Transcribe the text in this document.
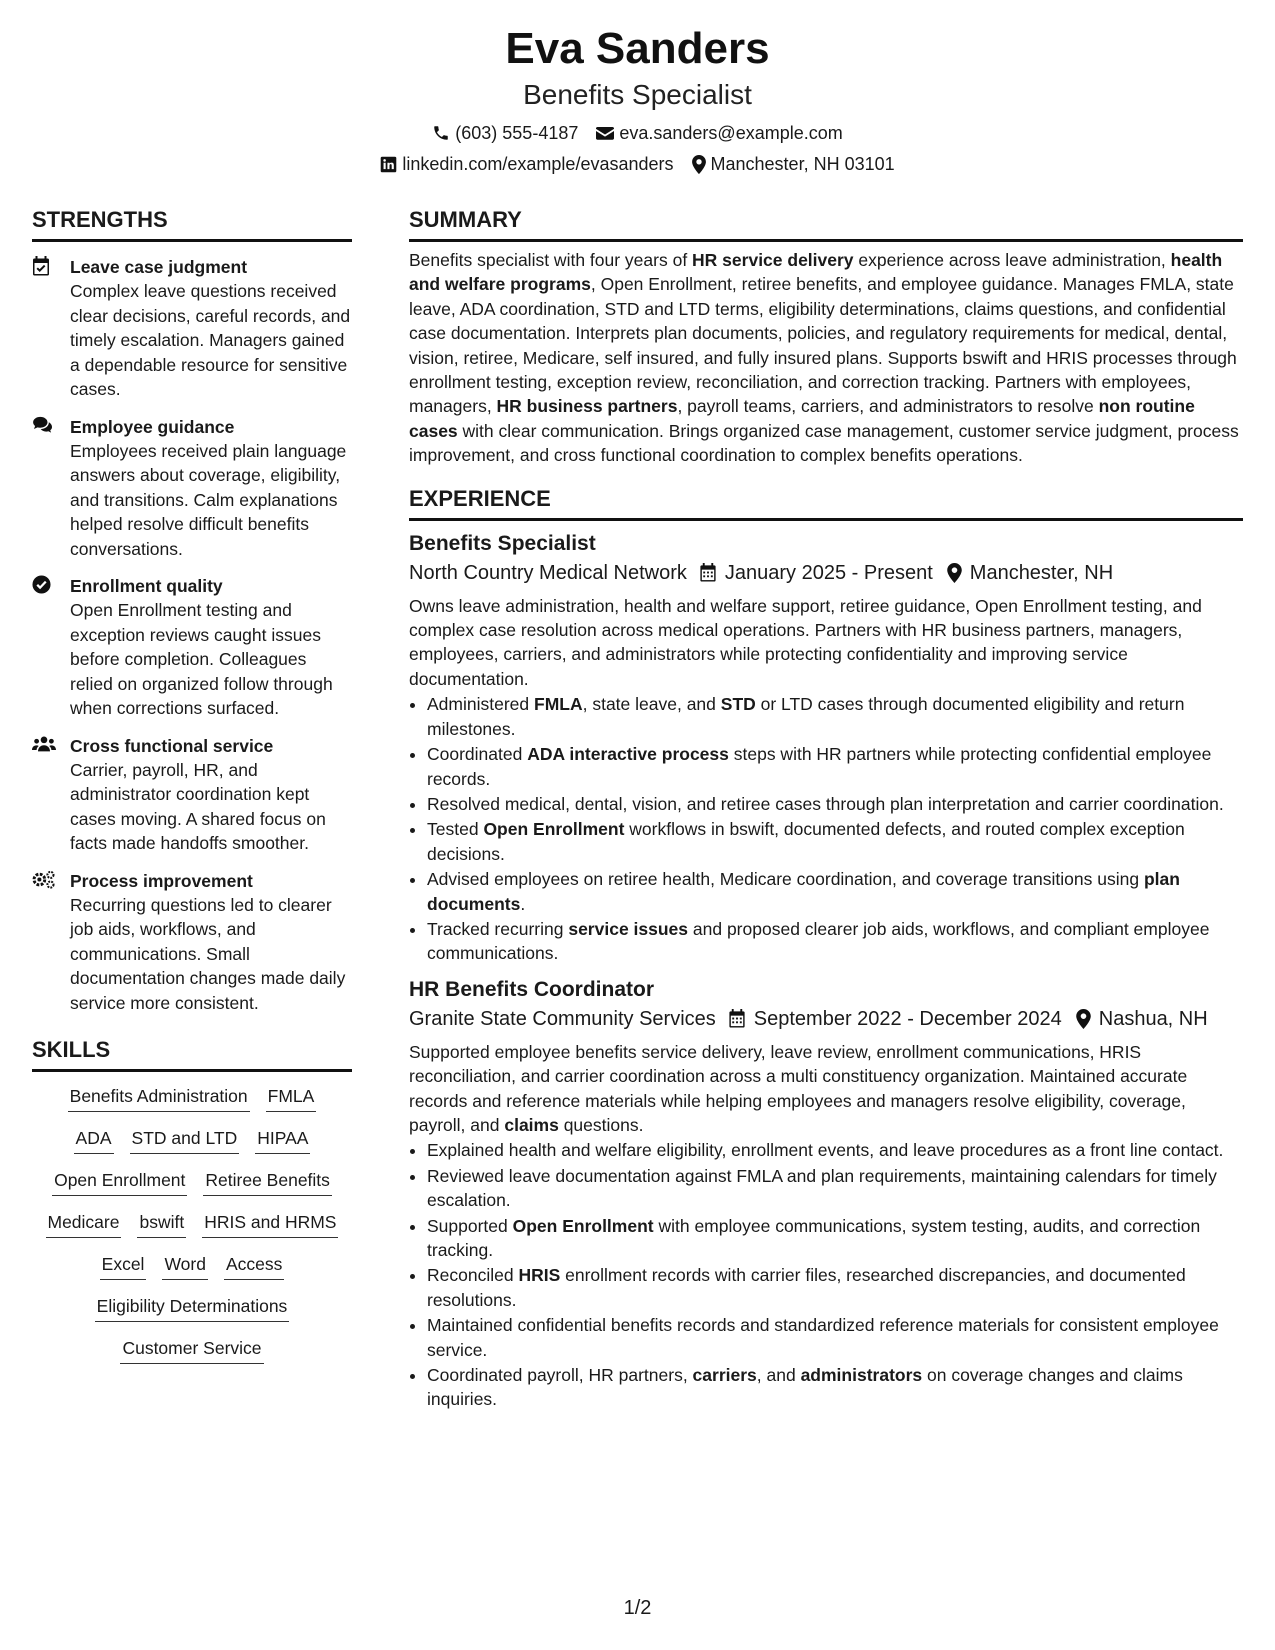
Eva Sanders
Benefits Specialist
(603) 555-4187 eva.sanders@example.com
linkedin.com/example/evasanders Manchester, NH 03101
STRENGTHS
Leave case judgment
Complex leave questions received clear decisions, careful records, and timely escalation. Managers gained a dependable resource for sensitive cases.
Employee guidance
Employees received plain language answers about coverage, eligibility, and transitions. Calm explanations helped resolve difficult benefits conversations.
Enrollment quality
Open Enrollment testing and exception reviews caught issues before completion. Colleagues relied on organized follow through when corrections surfaced.
Cross functional service
Carrier, payroll, HR, and administrator coordination kept cases moving. A shared focus on facts made handoffs smoother.
Process improvement
Recurring questions led to clearer job aids, workflows, and communications. Small documentation changes made daily service more consistent.
SKILLS
Benefits Administration FMLA
ADA STD and LTD HIPAA
Open Enrollment Retiree Benefits
Medicare bswift HRIS and HRMS
Excel Word Access
Eligibility Determinations
Customer Service
SUMMARY
Benefits specialist with four years of HR service delivery experience across leave administration, health and welfare programs, Open Enrollment, retiree benefits, and employee guidance. Manages FMLA, state leave, ADA coordination, STD and LTD terms, eligibility determinations, claims questions, and confidential case documentation. Interprets plan documents, policies, and regulatory requirements for medical, dental, vision, retiree, Medicare, self insured, and fully insured plans. Supports bswift and HRIS processes through enrollment testing, exception review, reconciliation, and correction tracking. Partners with employees, managers, HR business partners, payroll teams, carriers, and administrators to resolve non routine cases with clear communication. Brings organized case management, customer service judgment, process improvement, and cross functional coordination to complex benefits operations.
EXPERIENCE
Benefits Specialist
North Country Medical Network January 2025 - Present Manchester, NH
Owns leave administration, health and welfare support, retiree guidance, Open Enrollment testing, and complex case resolution across medical operations. Partners with HR business partners, managers, employees, carriers, and administrators while protecting confidentiality and improving service documentation.
• Administered FMLA, state leave, and STD or LTD cases through documented eligibility and return milestones.
• Coordinated ADA interactive process steps with HR partners while protecting confidential employee records.
• Resolved medical, dental, vision, and retiree cases through plan interpretation and carrier coordination.
• Tested Open Enrollment workflows in bswift, documented defects, and routed complex exception decisions.
• Advised employees on retiree health, Medicare coordination, and coverage transitions using plan documents.
• Tracked recurring service issues and proposed clearer job aids, workflows, and compliant employee communications.
HR Benefits Coordinator
Granite State Community Services September 2022 - December 2024 Nashua, NH
Supported employee benefits service delivery, leave review, enrollment communications, HRIS reconciliation, and carrier coordination across a multi constituency organization. Maintained accurate records and reference materials while helping employees and managers resolve eligibility, coverage, payroll, and claims questions.
• Explained health and welfare eligibility, enrollment events, and leave procedures as a front line contact.
• Reviewed leave documentation against FMLA and plan requirements, maintaining calendars for timely escalation.
• Supported Open Enrollment with employee communications, system testing, audits, and correction tracking.
• Reconciled HRIS enrollment records with carrier files, researched discrepancies, and documented resolutions.
• Maintained confidential benefits records and standardized reference materials for consistent employee service.
• Coordinated payroll, HR partners, carriers, and administrators on coverage changes and claims inquiries.
1/2
